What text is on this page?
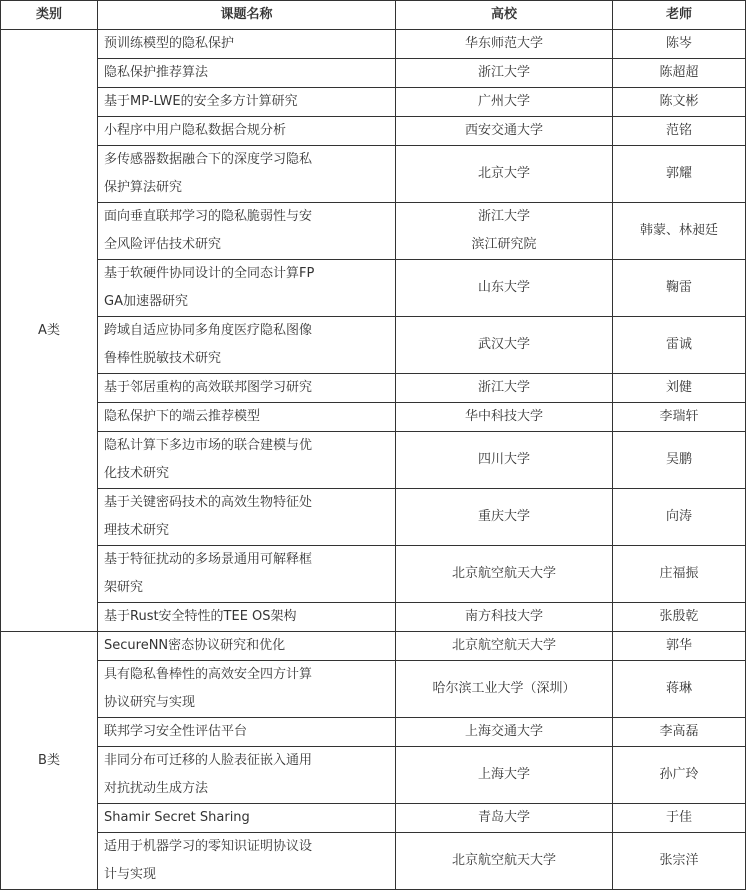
类别	课题名称	高校	老师
A类	预训练模型的隐私保护	华东师范大学	陈岑

	隐私保护推荐算法	浙江大学	陈超超

	基于MP-LWE的安全多方计算研究	广州大学	陈文彬

	小程序中用户隐私数据合规分析	西安交通大学	范铭

	多传感器数据融合下的深度学习隐私
保护算法研究	北京大学	郭耀

	面向垂直联邦学习的隐私脆弱性与安
全风险评估技术研究	浙江大学
滨江研究院	韩蒙、林昶廷

	基于软硬件协同设计的全同态计算FP
GA加速器研究	山东大学	鞠雷

	跨域自适应协同多角度医疗隐私图像
鲁棒性脱敏技术研究	武汉大学	雷诚

	基于邻居重构的高效联邦图学习研究	浙江大学	刘健

	隐私保护下的端云推荐模型	华中科技大学	李瑞轩

	隐私计算下多边市场的联合建模与优
化技术研究	四川大学	吴鹏

	基于关键密码技术的高效生物特征处
理技术研究	重庆大学	向涛

	基于特征扰动的多场景通用可解释框
架研究	北京航空航天大学	庄福振

	基于Rust安全特性的TEE OS架构	南方科技大学	张殷乾
B类	SecureNN密态协议研究和优化	北京航空航天大学	郭华

	具有隐私鲁棒性的高效安全四方计算
协议研究与实现	哈尔滨工业大学（深圳）	蒋琳

	联邦学习安全性评估平台	上海交通大学	李高磊

	非同分布可迁移的人脸表征嵌入通用
对抗扰动生成方法	上海大学	孙广玲

	Shamir Secret Sharing	青岛大学	于佳

	适用于机器学习的零知识证明协议设
计与实现	北京航空航天大学	张宗洋
